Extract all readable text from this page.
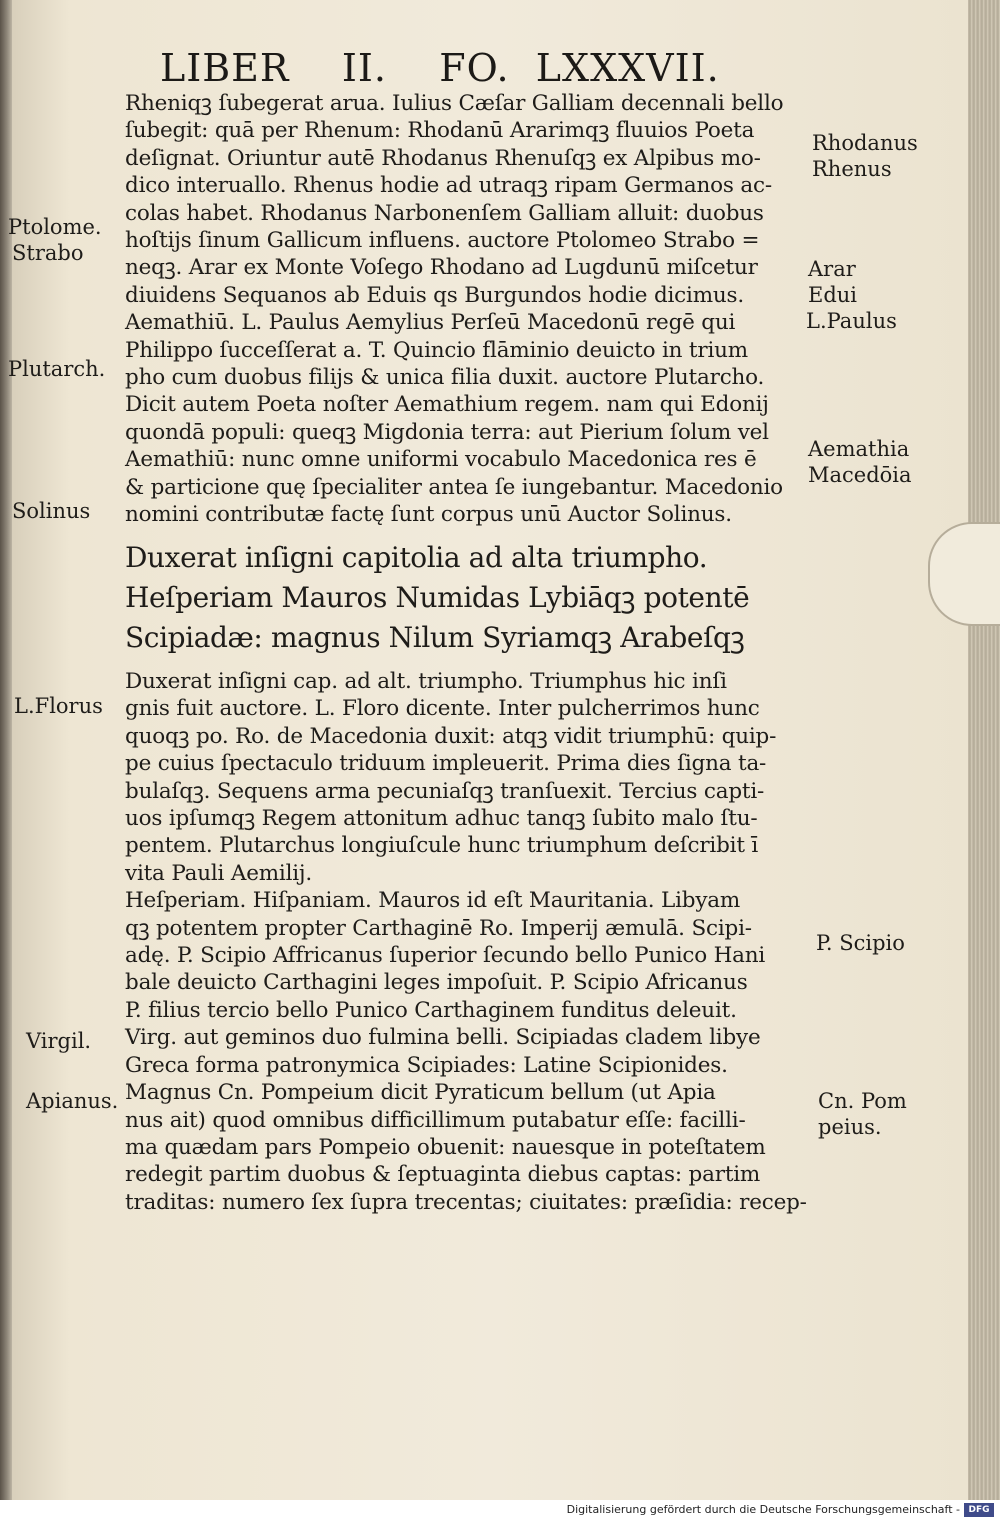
LIBER    II.    FO.  LXXXVII.
Rheniqꝫ ſubegerat arua. Iulius Cæſar Galliam decennali bello
ſubegit: quā per Rhenum: Rhodanū Ararimqꝫ fluuios Poeta
deſignat. Oriuntur autē Rhodanus Rhenuſqꝫ ex Alpibus mo-
dico interuallo. Rhenus hodie ad utraqꝫ ripam Germanos ac-
colas habet. Rhodanus Narbonenſem Galliam alluit: duobus
hoſtijs ſinum Gallicum influens. auctore Ptolomeo Strabo =
neqꝫ. Arar ex Monte Voſego Rhodano ad Lugdunū miſcetur
diuidens Sequanos ab Eduis qs Burgundos hodie dicimus.
Aemathiū. L. Paulus Aemylius Perſeū Macedonū regē qui
Philippo ſucceſſerat a. T. Quincio flāminio deuicto in trium
pho cum duobus filijs & unica filia duxit. auctore Plutarcho.
Dicit autem Poeta noſter Aemathium regem. nam qui Edonij
quondā populi: queqꝫ Migdonia terra: aut Pierium ſolum vel
Aemathiū: nunc omne uniformi vocabulo Macedonica res ē
& particione quę ſpecialiter antea ſe iungebantur. Macedonio
nomini contributæ factę ſunt corpus unū Auctor Solinus.
Duxerat inſigni capitolia ad alta triumpho.
Heſperiam Mauros Numidas Lybiāqꝫ potentē
Scipiadæ: magnus Nilum Syriamqꝫ Arabeſqꝫ
Duxerat inſigni cap. ad alt. triumpho. Triumphus hic inſi
gnis fuit auctore. L. Floro dicente. Inter pulcherrimos hunc
quoqꝫ po. Ro. de Macedonia duxit: atqꝫ vidit triumphū: quip-
pe cuius ſpectaculo triduum impleuerit. Prima dies ſigna ta-
bulaſqꝫ. Sequens arma pecuniaſqꝫ tranſuexit. Tercius capti-
uos ipſumqꝫ Regem attonitum adhuc tanqꝫ ſubito malo ſtu-
pentem. Plutarchus longiuſcule hunc triumphum deſcribit ī
vita Pauli Aemilij.
Heſperiam. Hiſpaniam. Mauros id eſt Mauritania. Libyam
qꝫ potentem propter Carthaginē Ro. Imperij æmulā. Scipi-
adę. P. Scipio Affricanus ſuperior ſecundo bello Punico Hani
bale deuicto Carthagini leges impoſuit. P. Scipio Africanus
P. filius tercio bello Punico Carthaginem funditus deleuit.
Virg. aut geminos duo fulmina belli. Scipiadas cladem libye
Greca forma patronymica Scipiades: Latine Scipionides.
Magnus Cn. Pompeium dicit Pyraticum bellum (ut Apia
nus ait) quod omnibus difficillimum putabatur eſſe: facilli-
ma quædam pars Pompeio obuenit: nauesque in poteſtatem
redegit partim duobus & ſeptuaginta diebus captas: partim
traditas: numero ſex ſupra trecentas; ciuitates: præſidia: recep-
Ptolome.
Strabo
Plutarch.
Solinus
L.Florus
Virgil.
Apianus.
Rhodanus
Rhenus
Arar
Edui
L.Paulus
Aemathia
Macedōia
P. Scipio
Cn. Pom
peius.
Digitalisierung gefördert durch die Deutsche Forschungsgemeinschaft - DFG
